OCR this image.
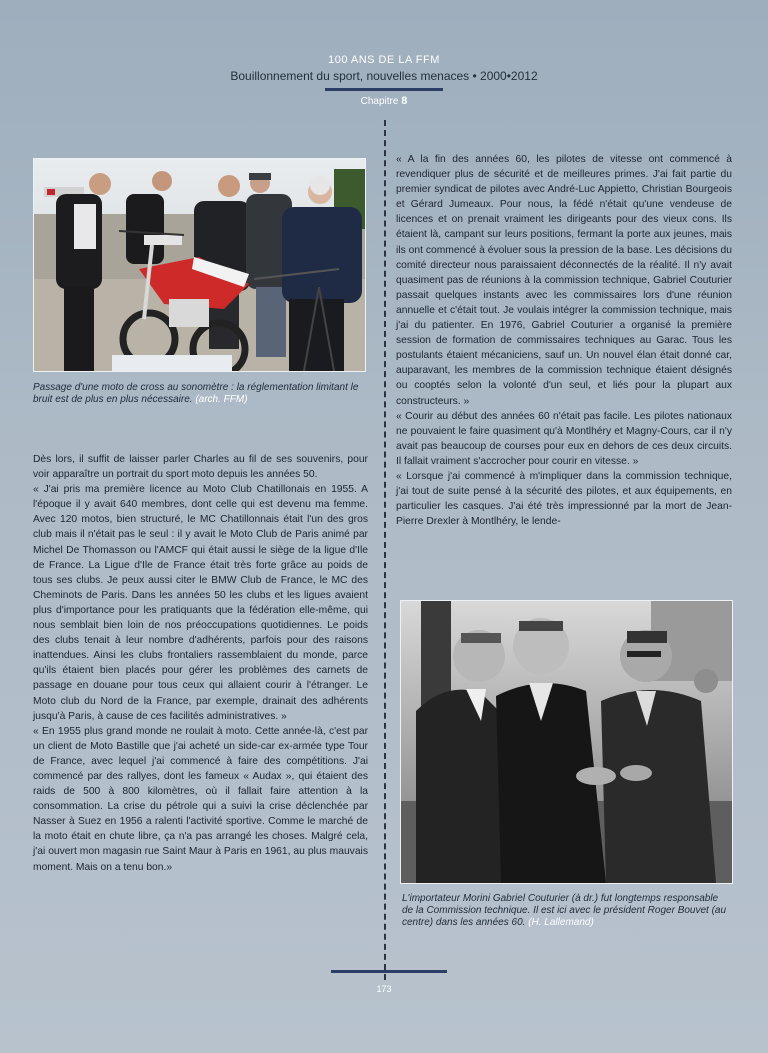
100 ANS DE LA FFM
Bouillonnement du sport, nouvelles menaces • 2000•2012
Chapitre 8
Passage d'une moto de cross au sonomètre : la réglementation limitant le bruit est de plus en plus nécessaire. (arch. FFM)

Dès lors, il suffit de laisser parler Charles au fil de ses souvenirs, pour voir apparaître un portrait du sport moto depuis les années 50.

« J'ai pris ma première licence au Moto Club Chatillonais en 1955. A l'époque il y avait 640 membres, dont celle qui est devenu ma femme. Avec 120 motos, bien structuré, le MC Chatillonnais était l'un des gros club mais il n'était pas le seul : il y avait le Moto Club de Paris animé par Michel De Thomasson ou l'AMCF qui était aussi le siège de la ligue d'Ile de France. La Ligue d'Ile de France était très forte grâce au poids de tous ses clubs. Je peux aussi citer le BMW Club de France, le MC des Cheminots de Paris. Dans les années 50 les clubs et les ligues avaient plus d'importance pour les pratiquants que la fédération elle-même, qui nous semblait bien loin de nos préoccupations quotidiennes. Le poids des clubs tenait à leur nombre d'adhérents, parfois pour des raisons inattendues. Ainsi les clubs frontaliers rassemblaient du monde, parce qu'ils étaient bien placés pour gérer les problèmes des carnets de passage en douane pour tous ceux qui allaient courir à l'étranger. Le Moto club du Nord de la France, par exemple, drainait des adhérents jusqu'à Paris, à cause de ces facilités administratives. »

« En 1955 plus grand monde ne roulait à moto. Cette année-là, c'est par un client de Moto Bastille que j'ai acheté un side-car ex-armée type Tour de France, avec lequel j'ai commencé à faire des compétitions. J'ai commencé par des rallyes, dont les fameux « Audax », qui étaient des raids de 500 à 800 kilomètres, où il fallait faire attention à la consommation. La crise du pétrole qui a suivi la crise déclenchée par Nasser à Suez en 1956 a ralenti l'activité sportive. Comme le marché de la moto était en chute libre, ça n'a pas arrangé les choses. Malgré cela, j'ai ouvert mon magasin rue Saint Maur à Paris en 1961, au plus mauvais moment. Mais on a tenu bon.»

« A la fin des années 60, les pilotes de vitesse ont commencé à revendiquer plus de sécurité et de meilleures primes. J'ai fait partie du premier syndicat de pilotes avec André-Luc Appietto, Christian Bourgeois et Gérard Jumeaux. Pour nous, la fédé n'était qu'une vendeuse de licences et on prenait vraiment les dirigeants pour des vieux cons. Ils étaient là, campant sur leurs positions, fermant la porte aux jeunes, mais ils ont commencé à évoluer sous la pression de la base. Les décisions du comité directeur nous paraissaient déconnectés de la réalité. Il n'y avait quasiment pas de réunions à la commission technique, Gabriel Couturier passait quelques instants avec les commissaires lors d'une réunion annuelle et c'était tout. Je voulais intégrer la commission technique, mais j'ai du patienter. En 1976, Gabriel Couturier a organisé la première session de formation de commissaires techniques au Garac. Tous les postulants étaient mécaniciens, sauf un. Un nouvel élan était donné car, auparavant, les membres de la commission technique étaient désignés ou cooptés selon la volonté d'un seul, et liés pour la plupart aux constructeurs. »

« Courir au début des années 60 n'était pas facile. Les pilotes nationaux ne pouvaient le faire quasiment qu'à Montlhéry et Magny-Cours, car il n'y avait pas beaucoup de courses pour eux en dehors de ces deux circuits. Il fallait vraiment s'accrocher pour courir en vitesse. »

« Lorsque j'ai commencé à m'impliquer dans la commission technique, j'ai tout de suite pensé à la sécurité des pilotes, et aux équipements, en particulier les casques. J'ai été très impressionné par la mort de Jean-Pierre Drexler à Montlhéry, le lende-

L'importateur Morini Gabriel Couturier (à dr.) fut longtemps responsable de la Commission technique. Il est ici avec le président Roger Bouvet (au centre) dans les années 60. (H. Lallemand)
173
